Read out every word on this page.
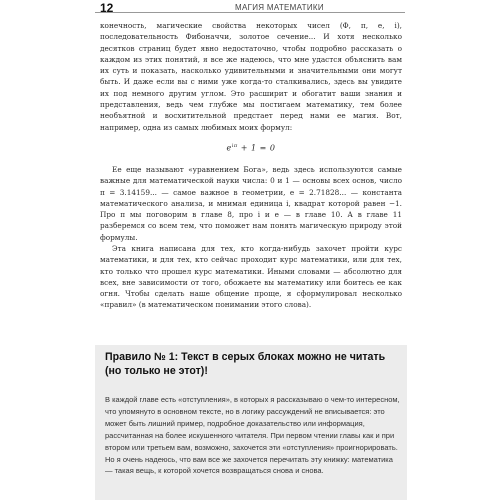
12	МАГИЯ МАТЕМАТИКИ

конечность, магические свойства некоторых чисел (Φ, π, e, i), последовательность Фибоначчи, золотое сечение... И хотя несколько десятков страниц будет явно недостаточно, чтобы подробно рассказать о каждом из этих понятий, я все же надеюсь, что мне удастся объяснить вам их суть и показать, насколько удивительными и значительными они могут быть. И даже если вы с ними уже когда-то сталкивались, здесь вы увидите их под немного другим углом. Это расширит и обогатит ваши знания и представления, ведь чем глубже мы постигаем математику, тем более необъятной и восхитительной предстает перед нами ее магия. Вот, например, одна из самых любимых моих формул:

$e^{i\pi} + 1 = 0$

Ее еще называют «уравнением Бога», ведь здесь используются самые важные для математической науки числа: 0 и 1 — основы всех основ, число π = 3.14159... — самое важное в геометрии, e = 2.71828... — константа математического анализа, и мнимая единица i, квадрат которой равен −1. Про π мы поговорим в главе 8, про i и e — в главе 10. А в главе 11 разберемся со всем тем, что поможет нам понять магическую природу этой формулы.

Эта книга написана для тех, кто когда-нибудь захочет пройти курс математики, и для тех, кто сейчас проходит курс математики, или для тех, кто только что прошел курс математики. Иными словами — абсолютно для всех, вне зависимости от того, обожаете вы математику или боитесь ее как огня. Чтобы сделать наше общение проще, я сформулировал несколько «правил» (в математическом понимании этого слова).

Правило № 1: Текст в серых блоках можно не читать (но только не этот)!
В каждой главе есть «отступления», в которых я рассказываю о чем-то интересном, что упомянуто в основном тексте, но в логику рассуждений не вписывается: это может быть лишний пример, подробное доказательство или информация, рассчитанная на более искушенного читателя. При первом чтении главы как и при втором или третьем вам, возможно, захочется эти «отступления» проигнорировать. Но я очень надеюсь, что вам все же захочется перечитать эту книжку: математика — такая вещь, к которой хочется возвращаться снова и снова.
